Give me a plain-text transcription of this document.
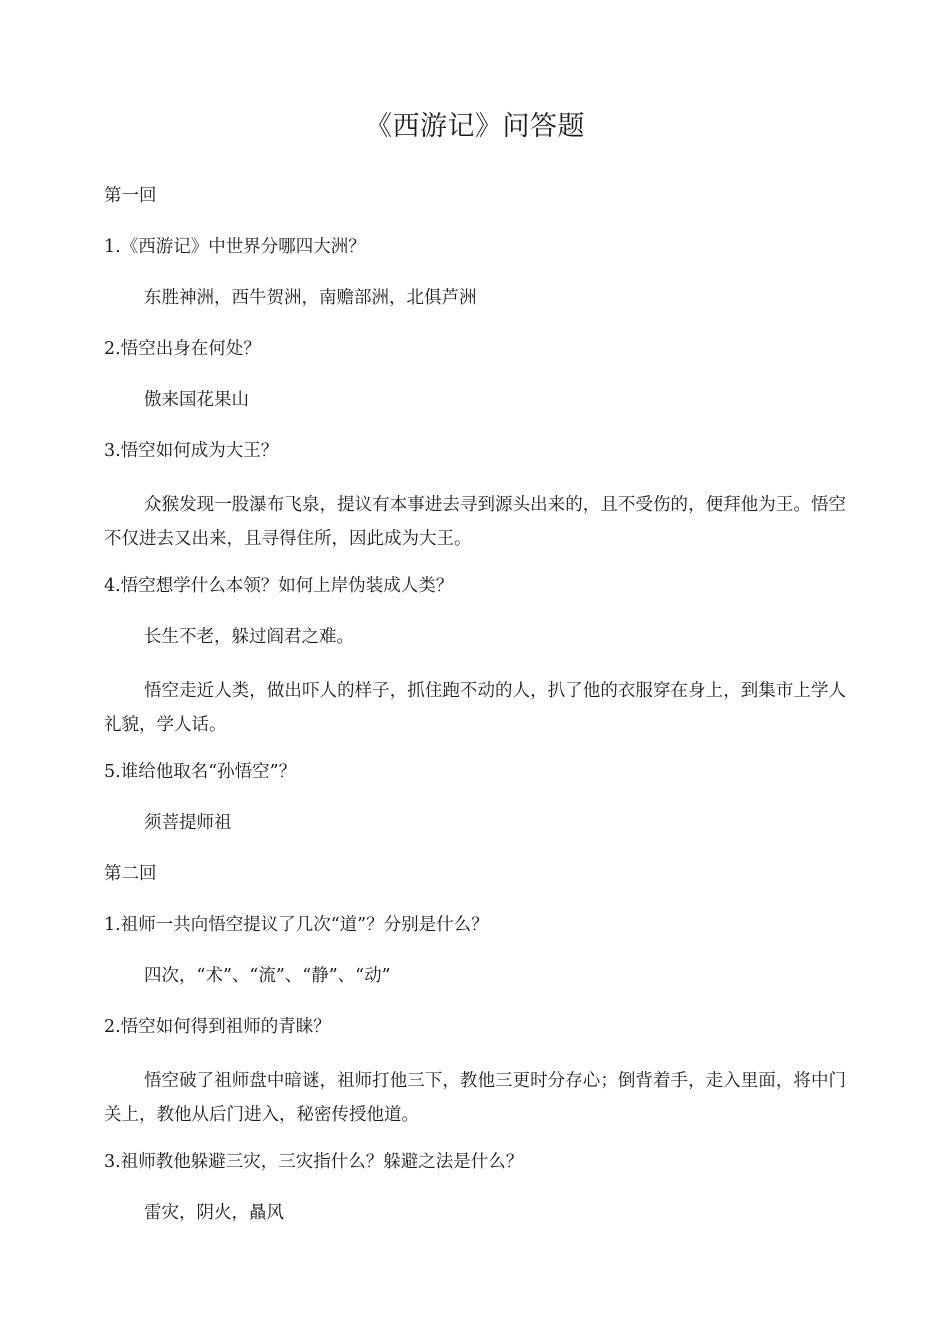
《西游记》问答题
第一回
1.《西游记》中世界分哪四大洲？
东胜神洲，西牛贺洲，南赡部洲，北俱芦洲
2.悟空出身在何处？
傲来国花果山
3.悟空如何成为大王？
众猴发现一股瀑布飞泉，提议有本事进去寻到源头出来的，且不受伤的，便拜他为王。悟空不仅进去又出来，且寻得住所，因此成为大王。
4.悟空想学什么本领？如何上岸伪装成人类？
长生不老，躲过阎君之难。
悟空走近人类，做出吓人的样子，抓住跑不动的人，扒了他的衣服穿在身上，到集市上学人礼貌，学人话。
5.谁给他取名“孙悟空”？
须菩提师祖
第二回
1.祖师一共向悟空提议了几次“道”？分别是什么？
四次，“术”、“流”、“静”、“动”
2.悟空如何得到祖师的青睐？
悟空破了祖师盘中暗谜，祖师打他三下，教他三更时分存心；倒背着手，走入里面，将中门关上，教他从后门进入，秘密传授他道。
3.祖师教他躲避三灾，三灾指什么？躲避之法是什么？
雷灾，阴火，贔风
